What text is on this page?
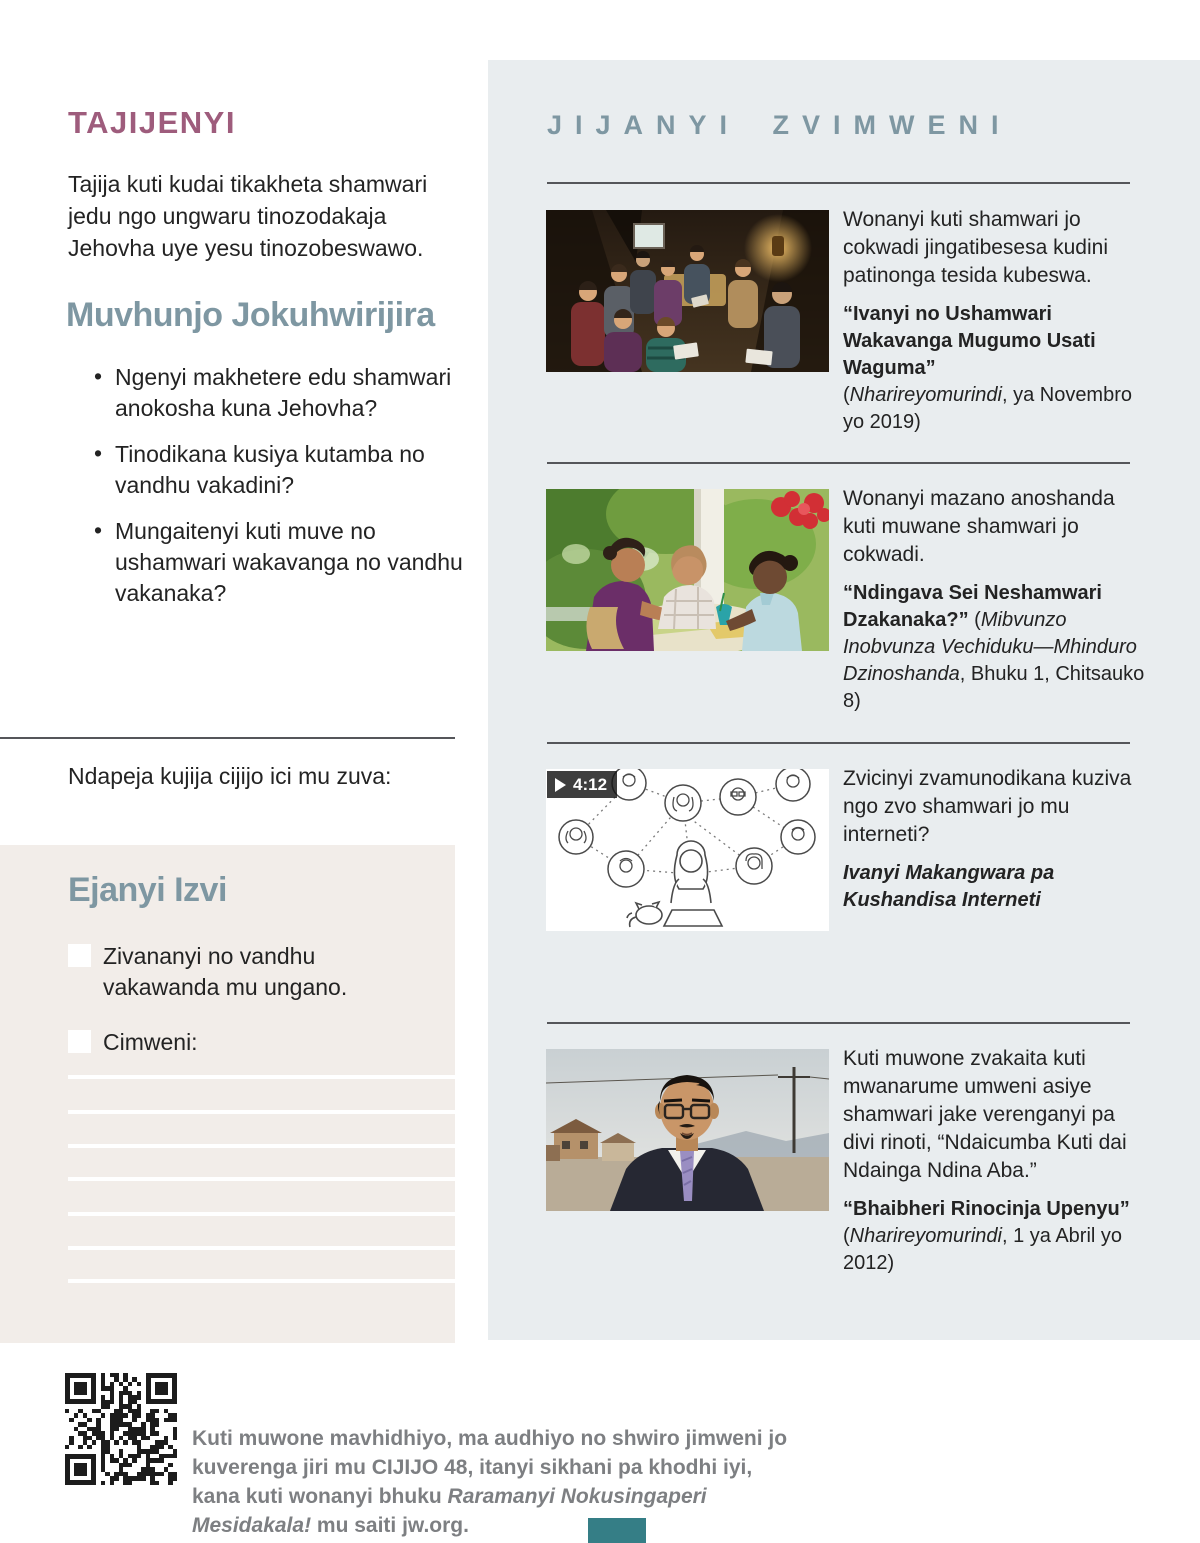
TAJIJENYI
Tajija kuti kudai tikakheta shamwari jedu ngo ungwaru tinozodakaja Jehovha uye yesu tinozobeswawo.
Muvhunjo Jokuhwirijira
• Ngenyi makhetere edu shamwari anokosha kuna Jehovha?
• Tinodikana kusiya kutamba no vandhu vakadini?
• Mungaitenyi kuti muve no ushamwari wakavanga no vandhu vakanaka?
Ndapeja kujija cijijo ici mu zuva:
Ejanyi Izvi
Zivananyi no vandhu vakawanda mu ungano.
Cimweni:
JIJANYI ZVIMWENI

Wonanyi kuti shamwari jo cokwadi jingatibesesa kudini patinonga tesida kubeswa.

“Ivanyi no Ushamwari Wakavanga Mugumo Usati Waguma”
(Nharireyomurindi, ya Novembro yo 2019)

Wonanyi mazano anoshanda kuti muwane shamwari jo cokwadi.

“Ndingava Sei Neshamwari Dzakanaka?” (Mibvunzo Inobvunza Vechiduku—Mhinduro Dzinoshanda, Bhuku 1, Chitsauko 8)
4:12	Zvicinyi zvamunodikana kuziva ngo zvo shamwari jo mu interneti?

Ivanyi Makangwara pa Kushandisa Interneti

Kuti muwone zvakaita kuti mwanarume umweni asiye shamwari jake verenganyi pa divi rinoti, “Ndaicumba Kuti dai Ndainga Ndina Aba.”

“Bhaibheri Rinocinja Upenyu”
(Nharireyomurindi, 1 ya Abril yo 2012)
Kuti muwone mavhidhiyo, ma audhiyo no shwiro jimweni jo kuverenga jiri mu CIJIJO 48, itanyi sikhani pa khodhi iyi, kana kuti wonanyi bhuku Raramanyi Nokusingaperi Mesidakala! mu saiti jw.org.
